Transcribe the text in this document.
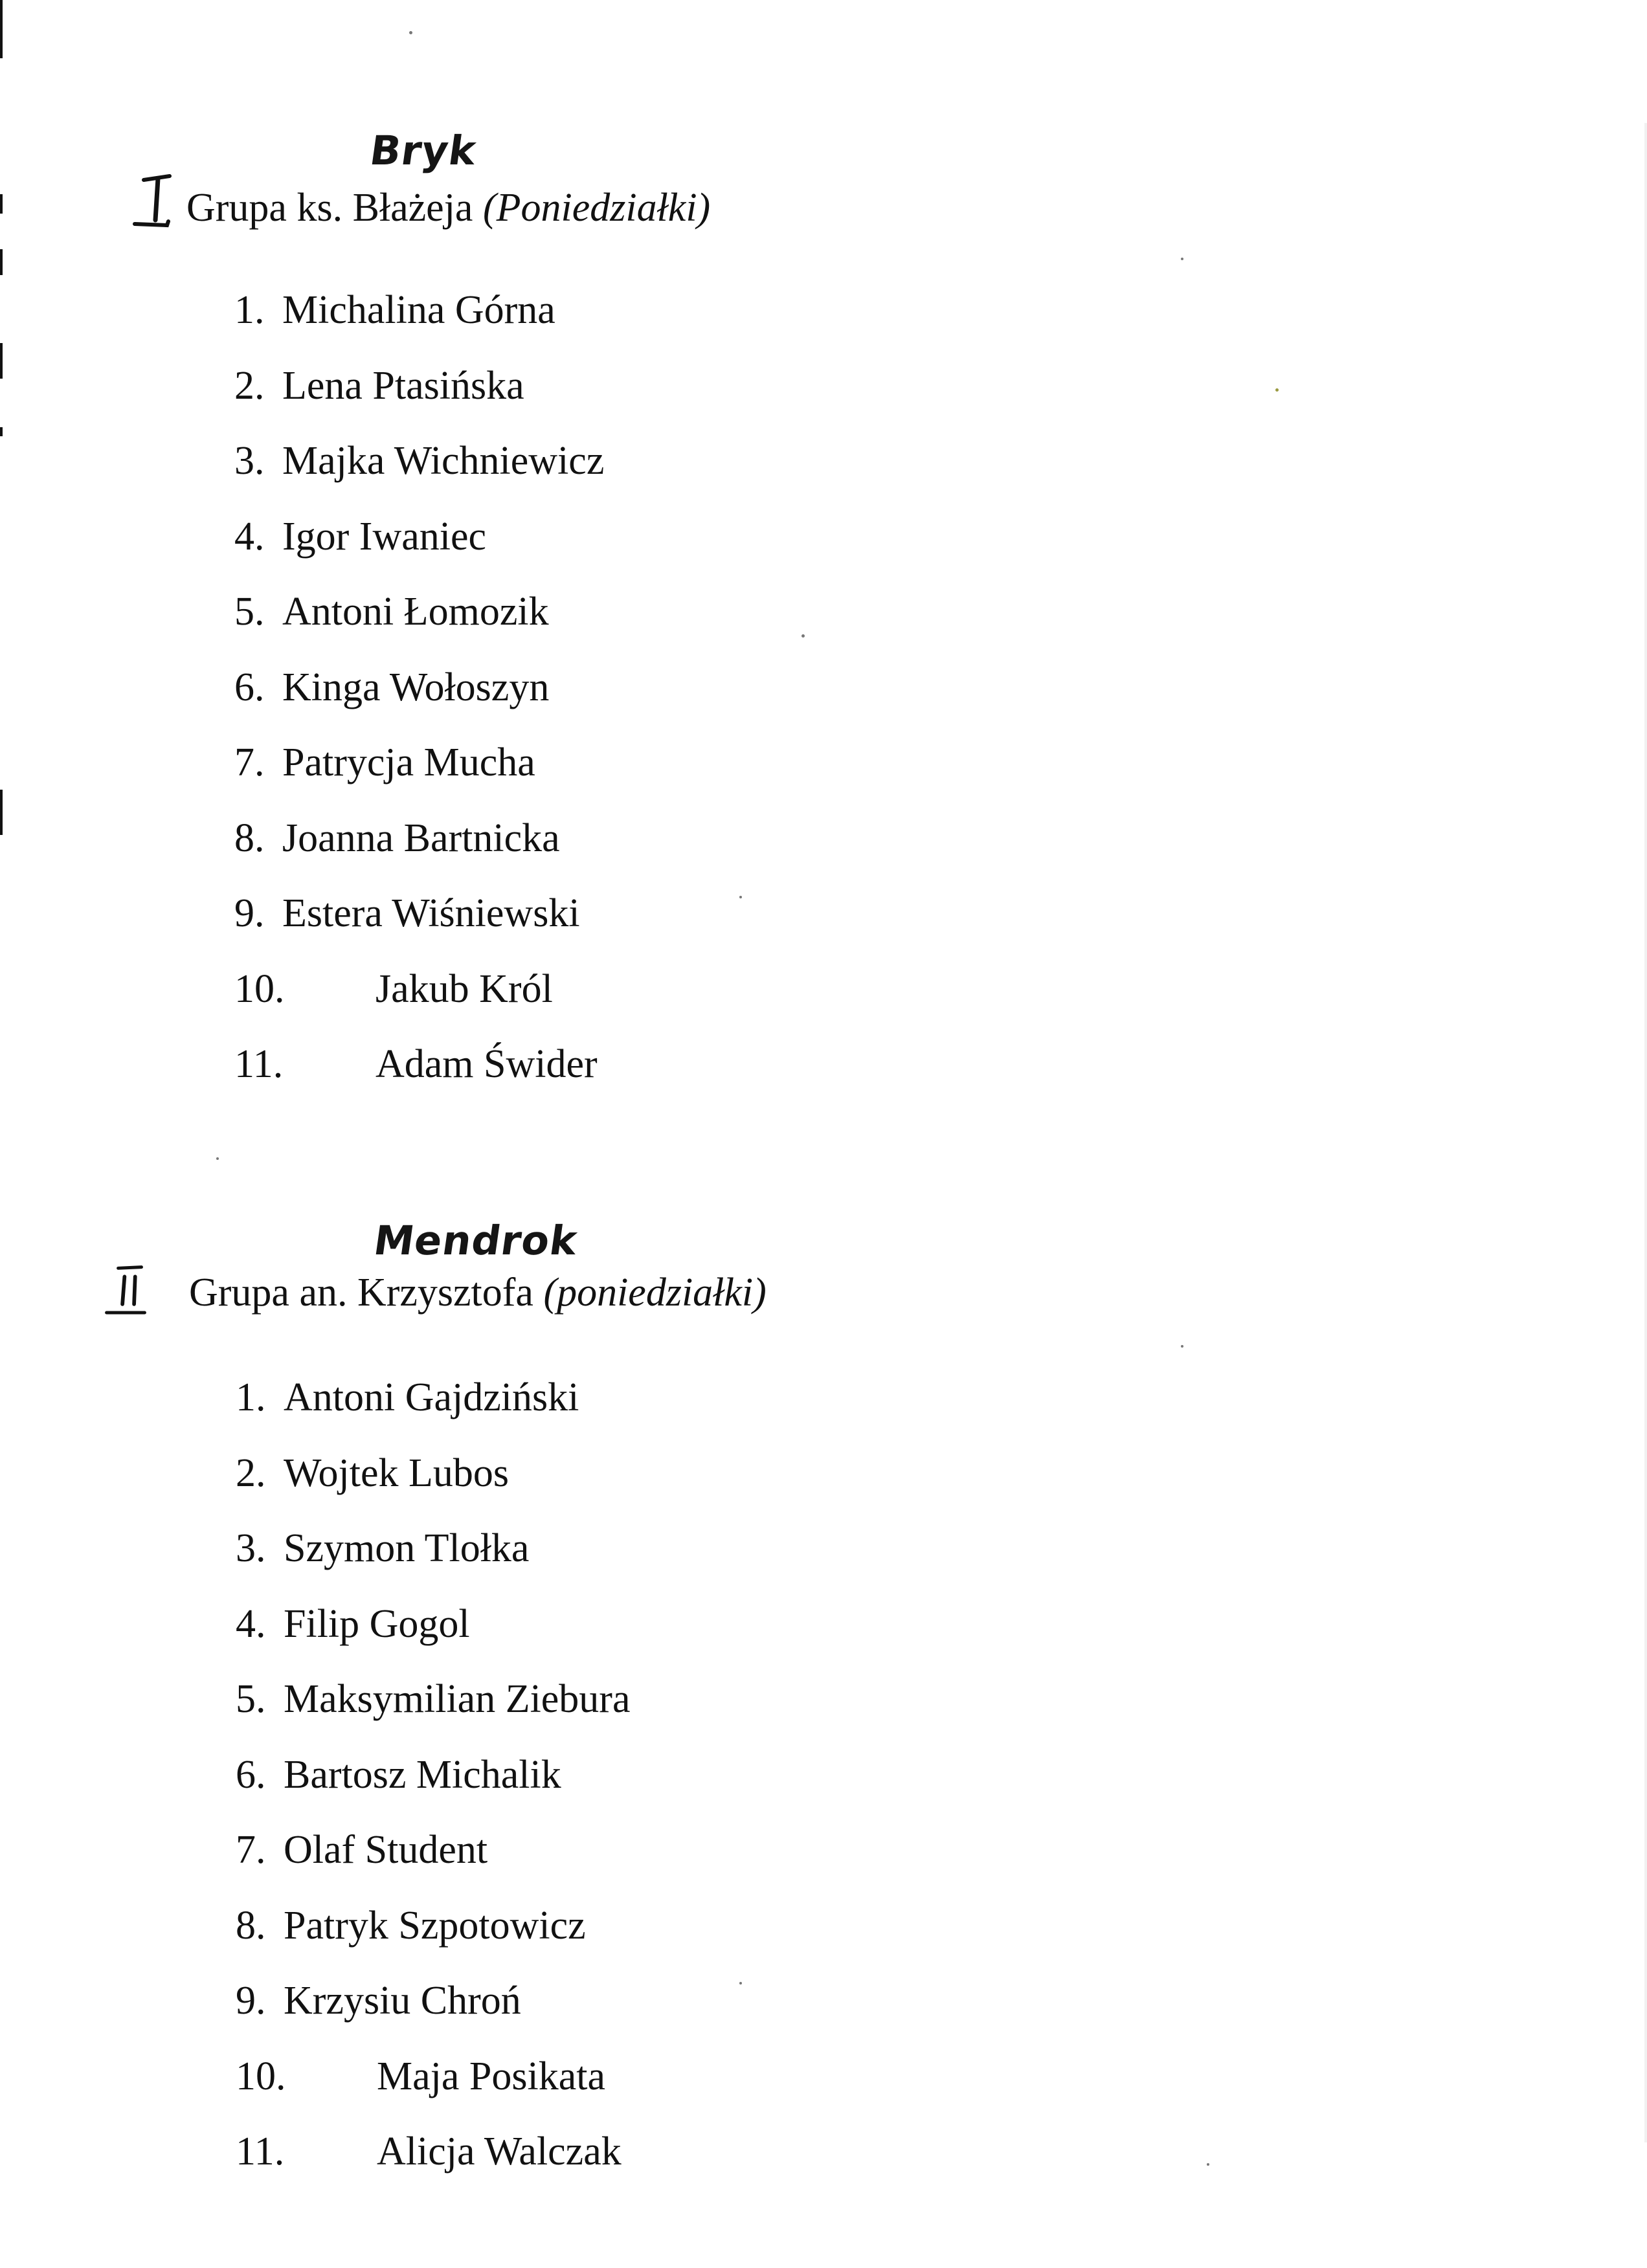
Bryk
Grupa ks. Błażeja (Poniedziałki)
1. Michalina Górna
2. Lena Ptasińska
3. Majka Wichniewicz
4. Igor Iwaniec
5. Antoni Łomozik
6. Kinga Wołoszyn
7. Patrycja Mucha
8. Joanna Bartnicka
9. Estera Wiśniewski
10. Jakub Król
11. Adam Świder
Mendrok
Grupa an. Krzysztofa (poniedziałki)
1. Antoni Gajdziński
2. Wojtek Lubos
3. Szymon Tlołka
4. Filip Gogol
5. Maksymilian Ziebura
6. Bartosz Michalik
7. Olaf Student
8. Patryk Szpotowicz
9. Krzysiu Chroń
10. Maja Posikata
11. Alicja Walczak
